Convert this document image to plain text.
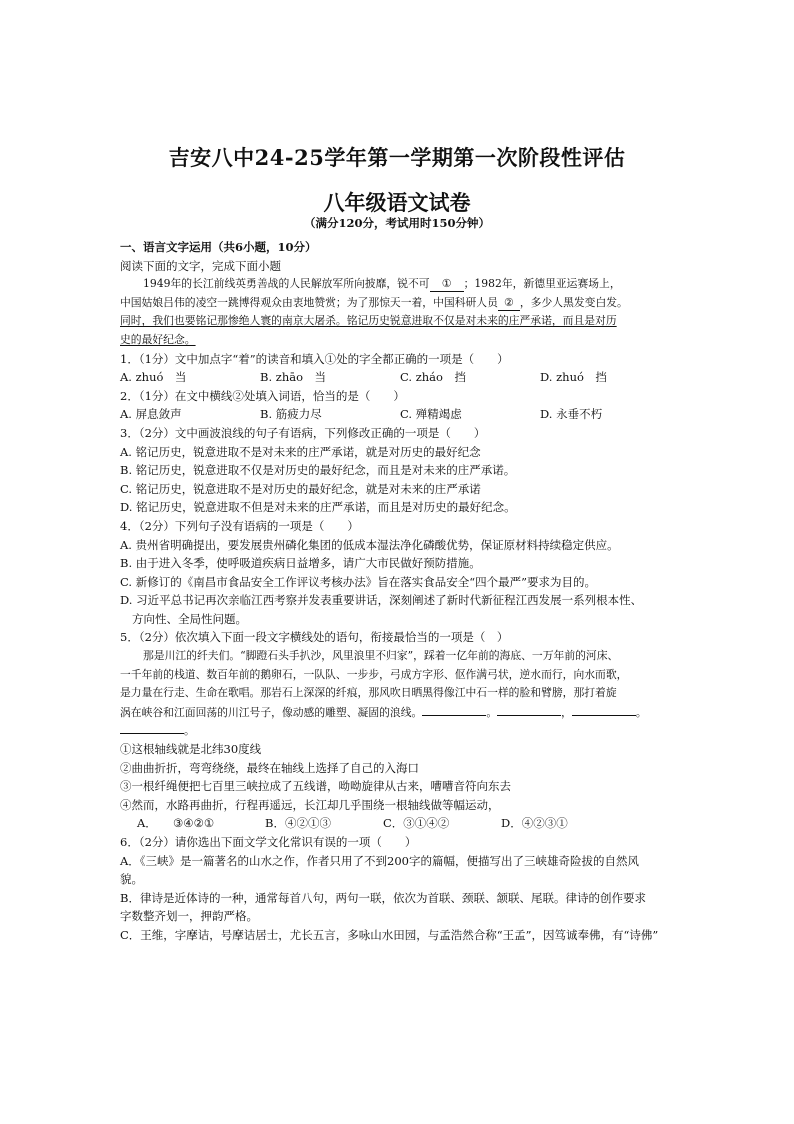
吉安八中24-25学年第一学期第一次阶段性评估
八年级语文试卷
（满分120分，考试用时150分钟）
一、语言文字运用（共6小题，10分）
阅读下面的文字，完成下面小题
1949年的长江前线英勇善战的人民解放军所向披靡，锐不可 ① ；1982年，新德里亚运赛场上，
中国姑娘吕伟的凌空一跳博得观众由衷地赞赏；为了那惊天一着，中国科研人员 ② ，多少人黑发变白发。
同时，我们也要铭记那惨绝人寰的南京大屠杀。铭记历史锐意进取不仅是对未来的庄严承诺，而且是对历
史的最好纪念。
1．（1分）文中加点字“着”的读音和填入①处的字全都正确的一项是（　　）
A. zhuó　当	B. zhāo　当	C. zháo　挡	D. zhuó　挡
2．（1分）在文中横线②处填入词语，恰当的是（　　）
A. 屏息敛声	B. 筋疲力尽	C. 殚精竭虑	D. 永垂不朽
3．（2分）文中画波浪线的句子有语病，下列修改正确的一项是（　　）
A. 铭记历史，锐意进取不是对未来的庄严承诺，就是对历史的最好纪念
B. 铭记历史，锐意进取不仅是对历史的最好纪念，而且是对未来的庄严承诺。
C. 铭记历史，锐意进取不是对历史的最好纪念，就是对未来的庄严承诺
D. 铭记历史，锐意进取不但是对未来的庄严承诺，而且是对历史的最好纪念。
4．（2分）下列句子没有语病的一项是（　　）
A. 贵州省明确提出，要发展贵州磷化集团的低成本湿法净化磷酸优势，保证原材料持续稳定供应。
B. 由于进入冬季，使呼吸道疾病日益增多，请广大市民做好预防措施。
C. 新修订的《南昌市食品安全工作评议考核办法》旨在落实食品安全“四个最严”要求为目的。
D. 习近平总书记再次亲临江西考察并发表重要讲话，深刻阐述了新时代新征程江西发展一系列根本性、
方向性、全局性问题。
5．（2分）依次填入下面一段文字横线处的语句，衔接最恰当的一项是（　）
那是川江的纤夫们。“脚蹬石头手扒沙，风里浪里不归家”，踩着一亿年前的海底、一万年前的河床、
一千年前的栈道、数百年前的鹅卵石，一队队、一步步，弓成方字形、伛作满弓状，逆水而行，向水而歌，
是力量在行走、生命在歌唱。那岩石上深深的纤痕，那风吹日晒黑得像江中石一样的脸和臂膀，那打着旋
涡在峡谷和江面回荡的川江号子，像动感的雕塑、凝固的浪线。	。	，	。
。
①这根轴线就是北纬30度线
②曲曲折折，弯弯绕绕，最终在轴线上选择了自己的入海口
③一根纤绳便把七百里三峡拉成了五线谱，呦呦旋律从古来，嘈嘈音符向东去
④然而，水路再曲折，行程再遥远，长江却几乎围绕一根轴线做等幅运动，
A．	③④②①	B．④②①③	C．③①④②	D．④②③①
6．（2分）请你选出下面文学文化常识有误的一项（　　）
A．《三峡》是一篇著名的山水之作，作者只用了不到200字的篇幅，便描写出了三峡雄奇险拔的自然风
貌。
B．律诗是近体诗的一种，通常每首八句，两句一联，依次为首联、颈联、颔联、尾联。律诗的创作要求
字数整齐划一，押韵严格。
C．王维，字摩诘，号摩诘居士，尤长五言，多咏山水田园，与孟浩然合称“王孟”，因笃诚奉佛，有“诗佛”
